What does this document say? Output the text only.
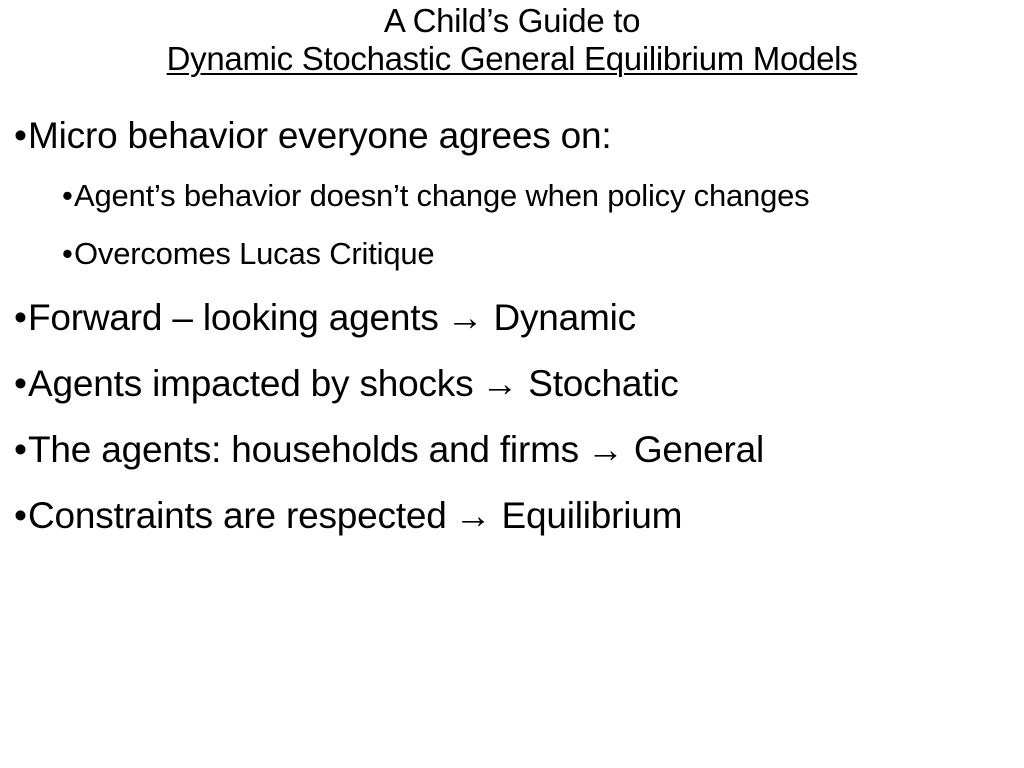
A Child’s Guide to
Dynamic Stochastic General Equilibrium Models
• Micro behavior everyone agrees on:
• Agent’s behavior doesn’t change when policy changes
• Overcomes Lucas Critique
• Forward – looking agents → Dynamic
• Agents impacted by shocks → Stochatic
• The agents: households and firms → General
• Constraints are respected → Equilibrium
